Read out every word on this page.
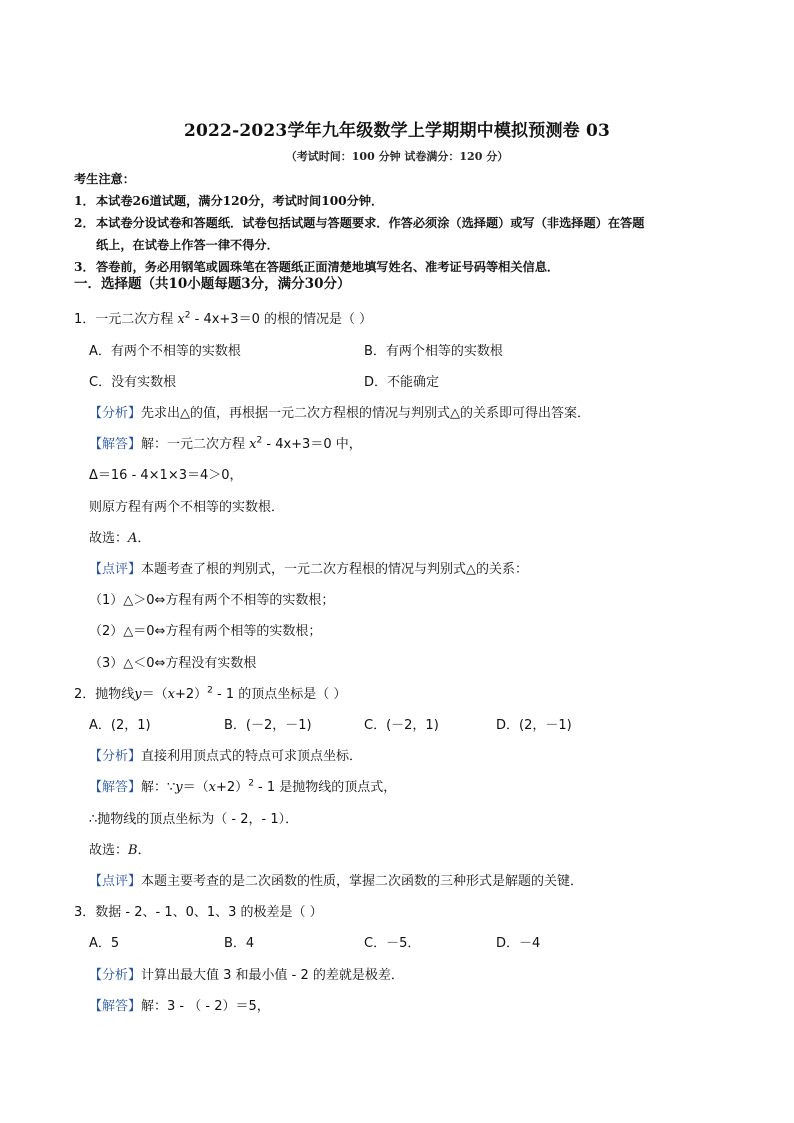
2022-2023学年九年级数学上学期期中模拟预测卷 03
（考试时间：100 分钟 试卷满分：120 分）
考生注意：
1．本试卷26道试题，满分120分，考试时间100分钟．
2．本试卷分设试卷和答题纸．试卷包括试题与答题要求．作答必须涂（选择题）或写（非选择题）在答题
纸上，在试卷上作答一律不得分．
3．答卷前，务必用钢笔或圆珠笔在答题纸正面清楚地填写姓名、准考证号码等相关信息．
一．选择题（共10小题每题3分，满分30分）
1．一元二次方程 $x^2 - 4x+3=0$ 的根的情况是（ ）
A．有两个不相等的实数根	B．有两个相等的实数根
C．没有实数根	D．不能确定
【分析】先求出△的值，再根据一元二次方程根的情况与判别式△的关系即可得出答案．
【解答】解：一元二次方程 $x^2 - 4x+3=0$ 中，
Δ＝16 - 4×1×3＝4＞0，
则原方程有两个不相等的实数根．
故选：A．
【点评】本题考查了根的判别式，一元二次方程根的情况与判别式△的关系：
（1）△＞0⇔方程有两个不相等的实数根；
（2）△＝0⇔方程有两个相等的实数根；
（3）△＜0⇔方程没有实数根
2．抛物线$y=(x+2)^2 - 1$ 的顶点坐标是（ ）
A．(2，1)	B．(－2，－1)	C．(－2，1)	D．(2，－1)
【分析】直接利用顶点式的特点可求顶点坐标．
【解答】解：$\because y=(x+2)^2 - 1$ 是抛物线的顶点式，
∴抛物线的顶点坐标为（ - 2，- 1）．
故选：B．
【点评】本题主要考查的是二次函数的性质，掌握二次函数的三种形式是解题的关键．
3．数据 - 2、- 1、0、1、3 的极差是（ ）
A．5	B．4	C．－5．	D．－4
【分析】计算出最大值 3 和最小值 - 2 的差就是极差．
【解答】解：3 - （ - 2）＝5，
